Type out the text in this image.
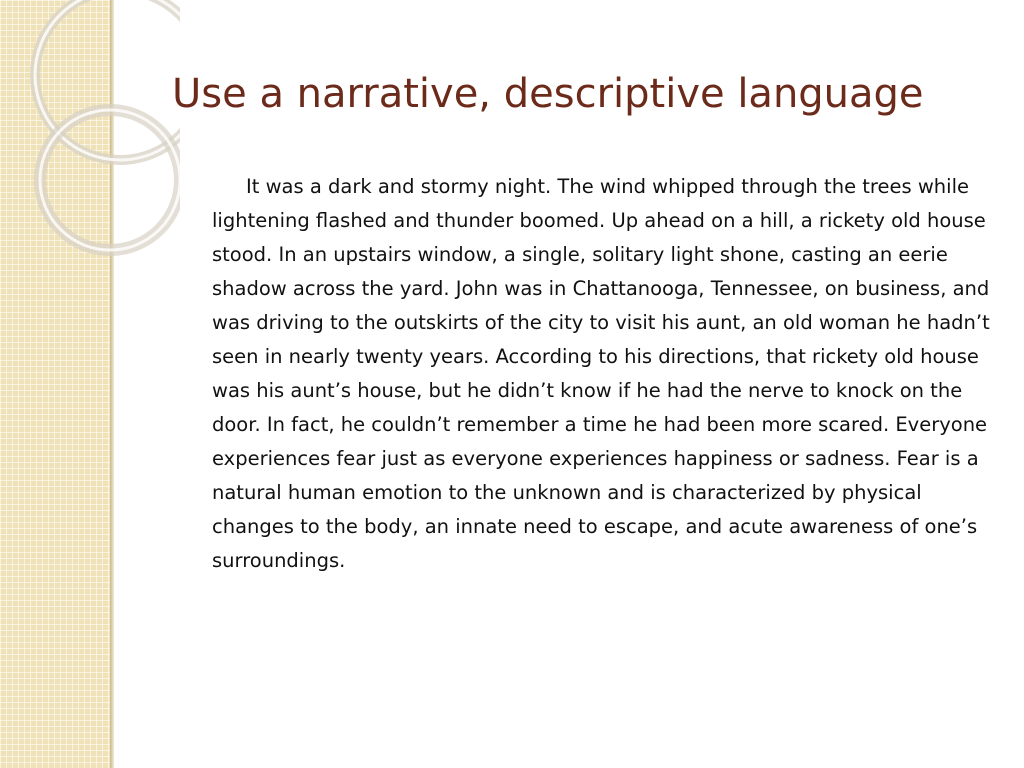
Use a narrative, descriptive language

It was a dark and stormy night. The wind whipped through the trees while lightening flashed and thunder boomed. Up ahead on a hill, a rickety old house stood. In an upstairs window, a single, solitary light shone, casting an eerie shadow across the yard. John was in Chattanooga, Tennessee, on business, and was driving to the outskirts of the city to visit his aunt, an old woman he hadn’t seen in nearly twenty years. According to his directions, that rickety old house was his aunt’s house, but he didn’t know if he had the nerve to knock on the door. In fact, he couldn’t remember a time he had been more scared. Everyone experiences fear just as everyone experiences happiness or sadness. Fear is a natural human emotion to the unknown and is characterized by physical changes to the body, an innate need to escape, and acute awareness of one’s surroundings.
